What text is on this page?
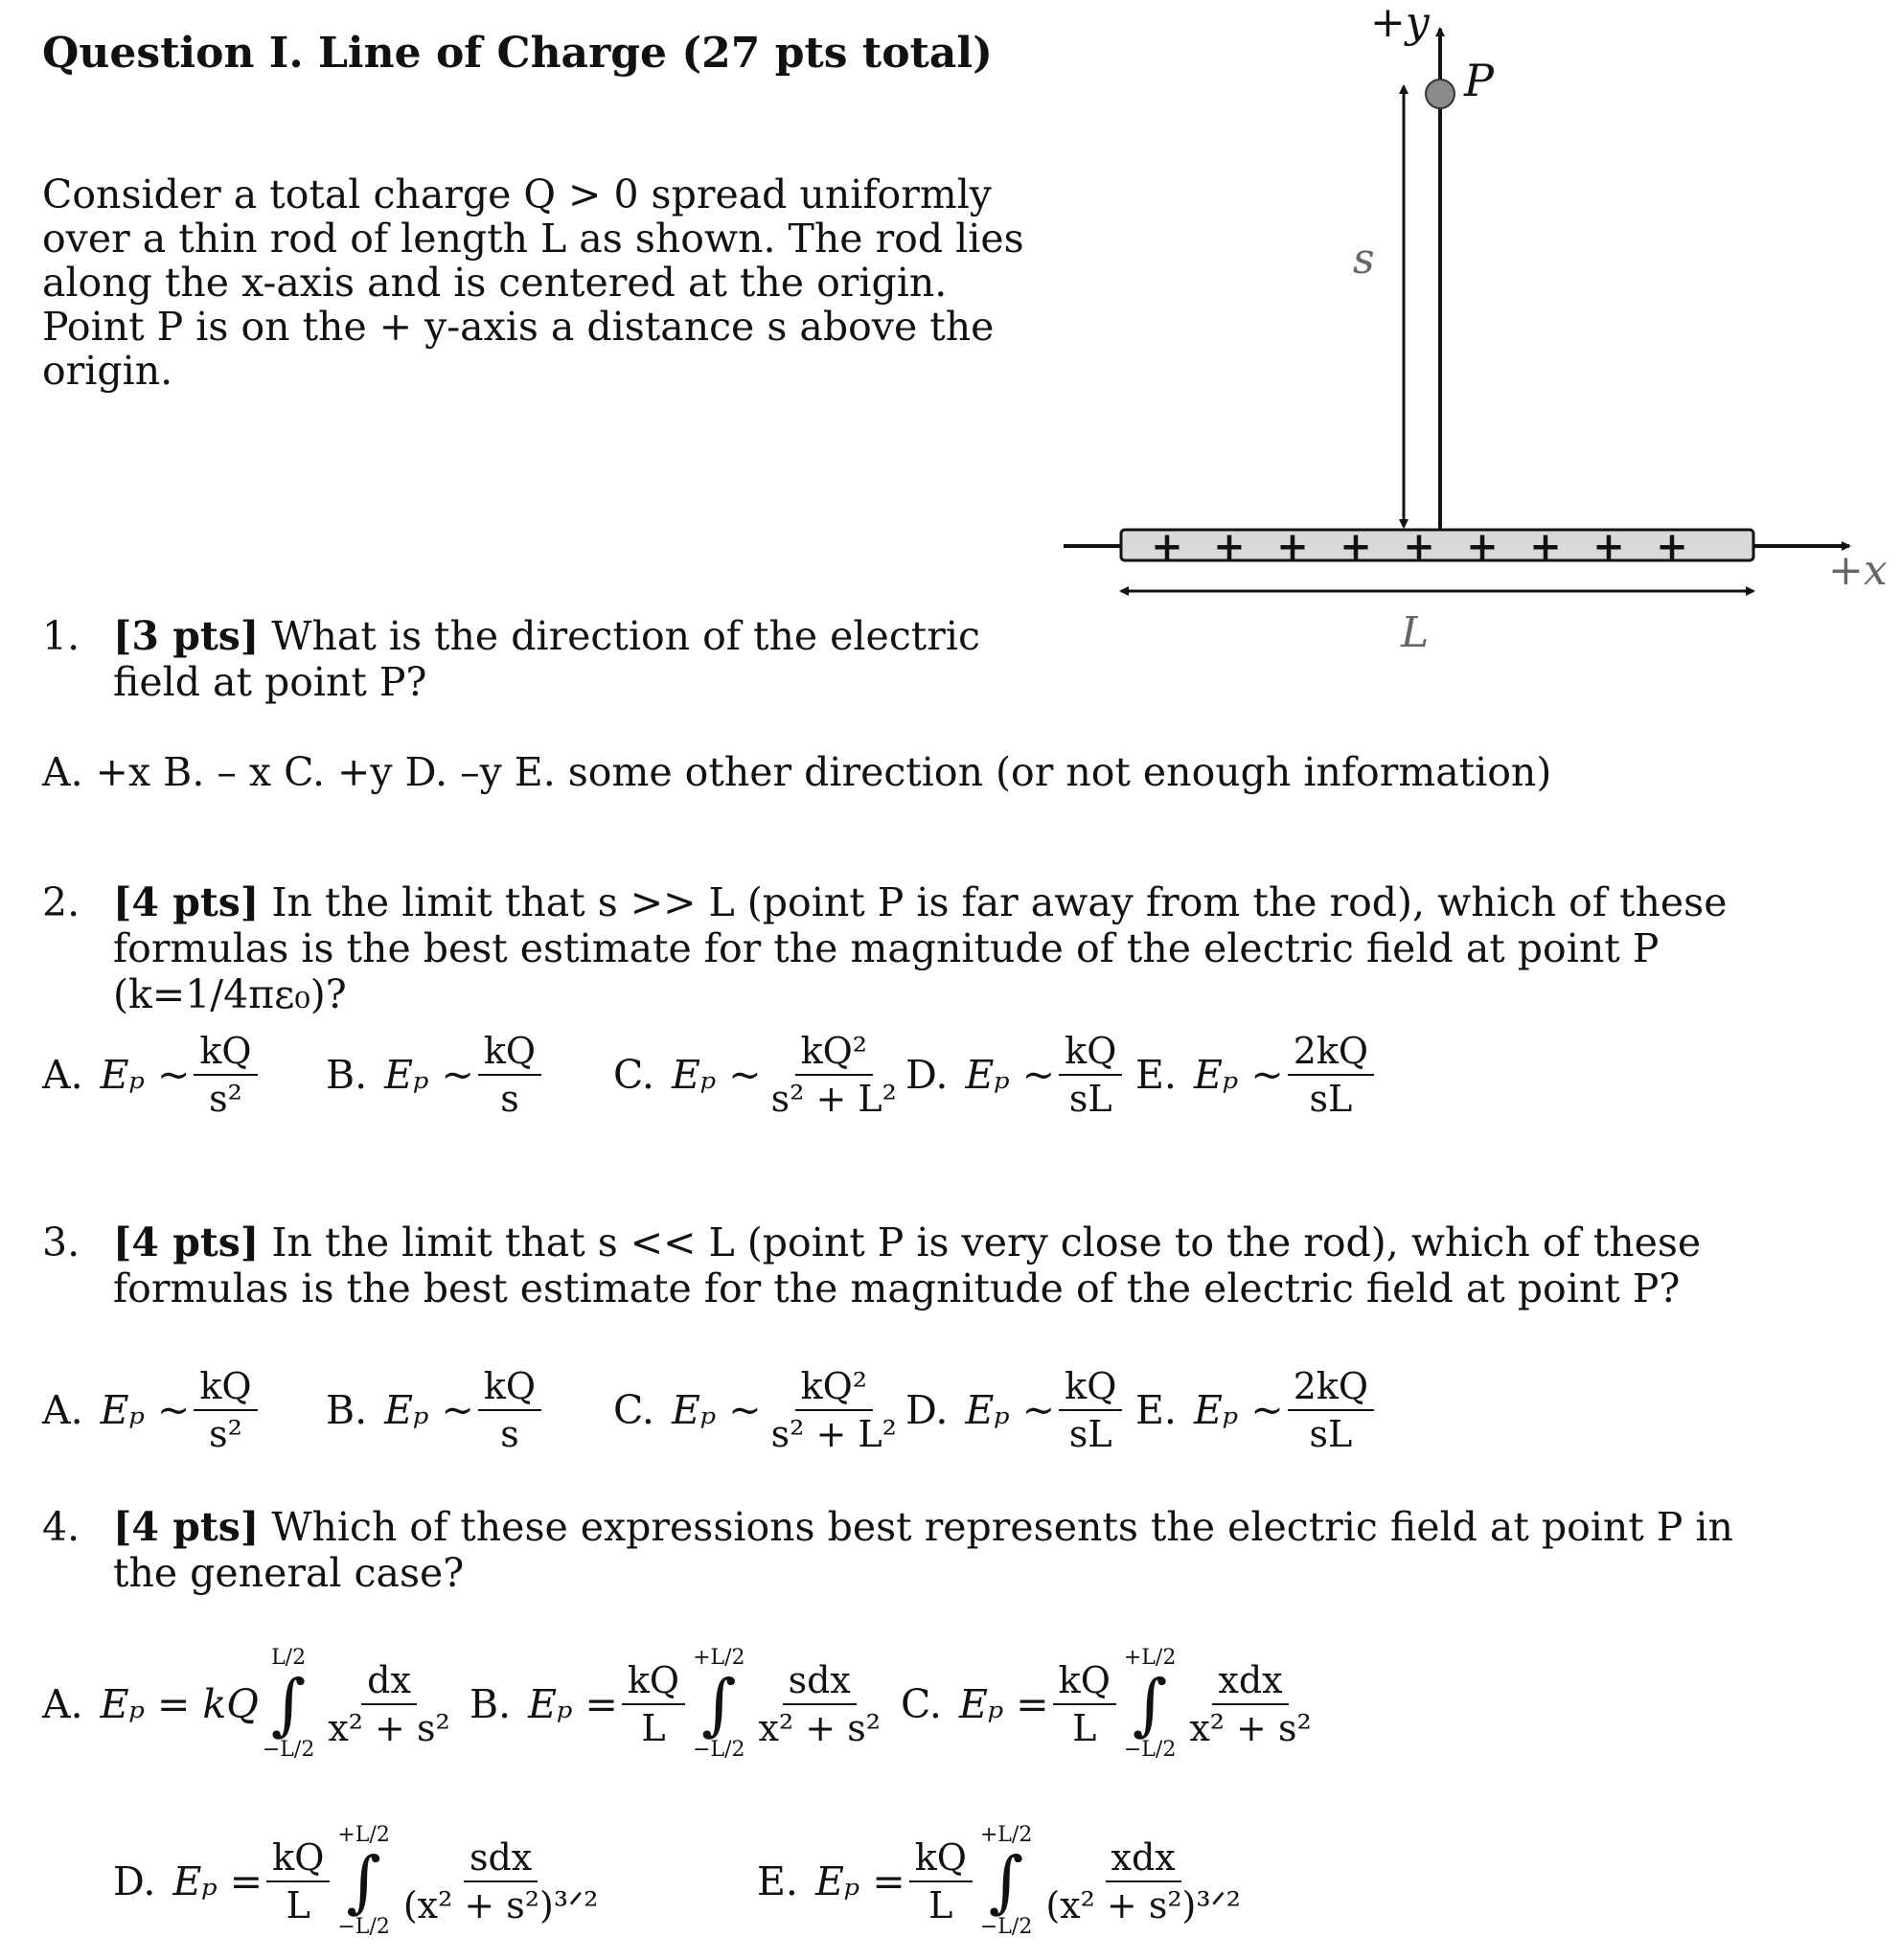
Question I. Line of Charge (27 pts total)
Consider a total charge Q > 0 spread uniformly over a thin rod of length L as shown. The rod lies along the x-axis and is centered at the origin. Point P is on the + y-axis a distance s above the origin.
+ + + + + + + + +
+y
+x
P
s
L
1. [3 pts] What is the direction of the electric field at point P?
A. +x B. – x C. +y D. –y E. some other direction (or not enough information)
2. [4 pts] In the limit that s >> L (point P is far away from the rod), which of these formulas is the best estimate for the magnitude of the electric field at point P (k=1/4πε₀)?
A. Eₚ ~ $\frac{kQ}{\text{s²}} B$. Eₚ ~ $\frac{kQ}{s} C$. Eₚ ~ $\frac{\text{kQ²}}{\text{s² + L²}} D$. Eₚ ~ $\frac{kQ}{sL} E$. Eₚ ~ $\frac{2kQ}{sL}$
3. [4 pts] In the limit that s << L (point P is very close to the rod), which of these formulas is the best estimate for the magnitude of the electric field at point P?
A. Eₚ ~ $\frac{kQ}{\text{s²}} B$. Eₚ ~ $\frac{kQ}{s} C$. Eₚ ~ $\frac{\text{kQ²}}{\text{s² + L²}} D$. Eₚ ~ $\frac{kQ}{sL} E$. Eₚ ~ $\frac{2kQ}{sL}$
4. [4 pts] Which of these expressions best represents the electric field at point P in the general case?
A. Eₚ = kQ
L/2
∫
−L/2
$\frac{dx}{\text{x² + s²}} B$. $E_p = \frac{kQ}{L}$
+L/2
∫
−L/2
$\frac{\text{sdx}}{\text{x² + s²}} C$. $E_p = \frac{kQ}{L}$
+L/2
∫
−L/2
$\frac{\text{xdx}}{\text{x² + s²}}$
D. $E_p = \frac{kQ}{L}$
+L/2
∫
−L/2
$\frac{\text{sdx}}{\text{(x² + s²)³ᐟ²}}$	E. $E_p = \frac{kQ}{L}$
+L/2
∫
−L/2
$\frac{\text{xdx}}{\text{(x² + s²)³ᐟ²}}$
